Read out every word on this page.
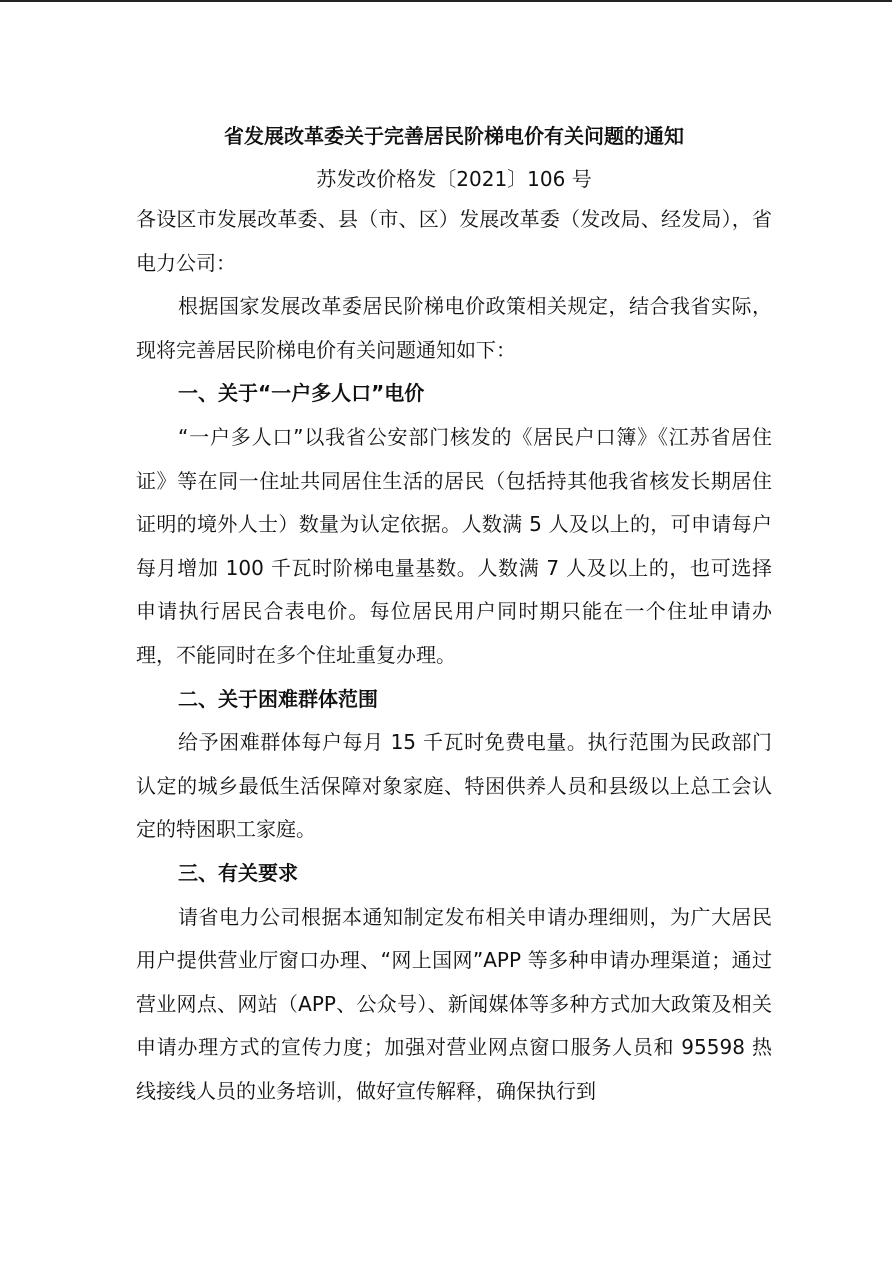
省发展改革委关于完善居民阶梯电价有关问题的通知

苏发改价格发〔2021〕106 号

各设区市发展改革委、县（市、区）发展改革委（发改局、经发局），省电力公司：

根据国家发展改革委居民阶梯电价政策相关规定，结合我省实际，现将完善居民阶梯电价有关问题通知如下：

一、关于“一户多人口”电价

“一户多人口”以我省公安部门核发的《居民户口簿》《江苏省居住证》等在同一住址共同居住生活的居民（包括持其他我省核发长期居住证明的境外人士）数量为认定依据。人数满 5 人及以上的，可申请每户每月增加 100 千瓦时阶梯电量基数。人数满 7 人及以上的，也可选择申请执行居民合表电价。每位居民用户同时期只能在一个住址申请办理，不能同时在多个住址重复办理。

二、关于困难群体范围

给予困难群体每户每月 15 千瓦时免费电量。执行范围为民政部门认定的城乡最低生活保障对象家庭、特困供养人员和县级以上总工会认定的特困职工家庭。

三、有关要求

请省电力公司根据本通知制定发布相关申请办理细则，为广大居民用户提供营业厅窗口办理、“网上国网”APP 等多种申请办理渠道；通过营业网点、网站（APP、公众号）、新闻媒体等多种方式加大政策及相关申请办理方式的宣传力度；加强对营业网点窗口服务人员和 95598 热线接线人员的业务培训，做好宣传解释，确保执行到
